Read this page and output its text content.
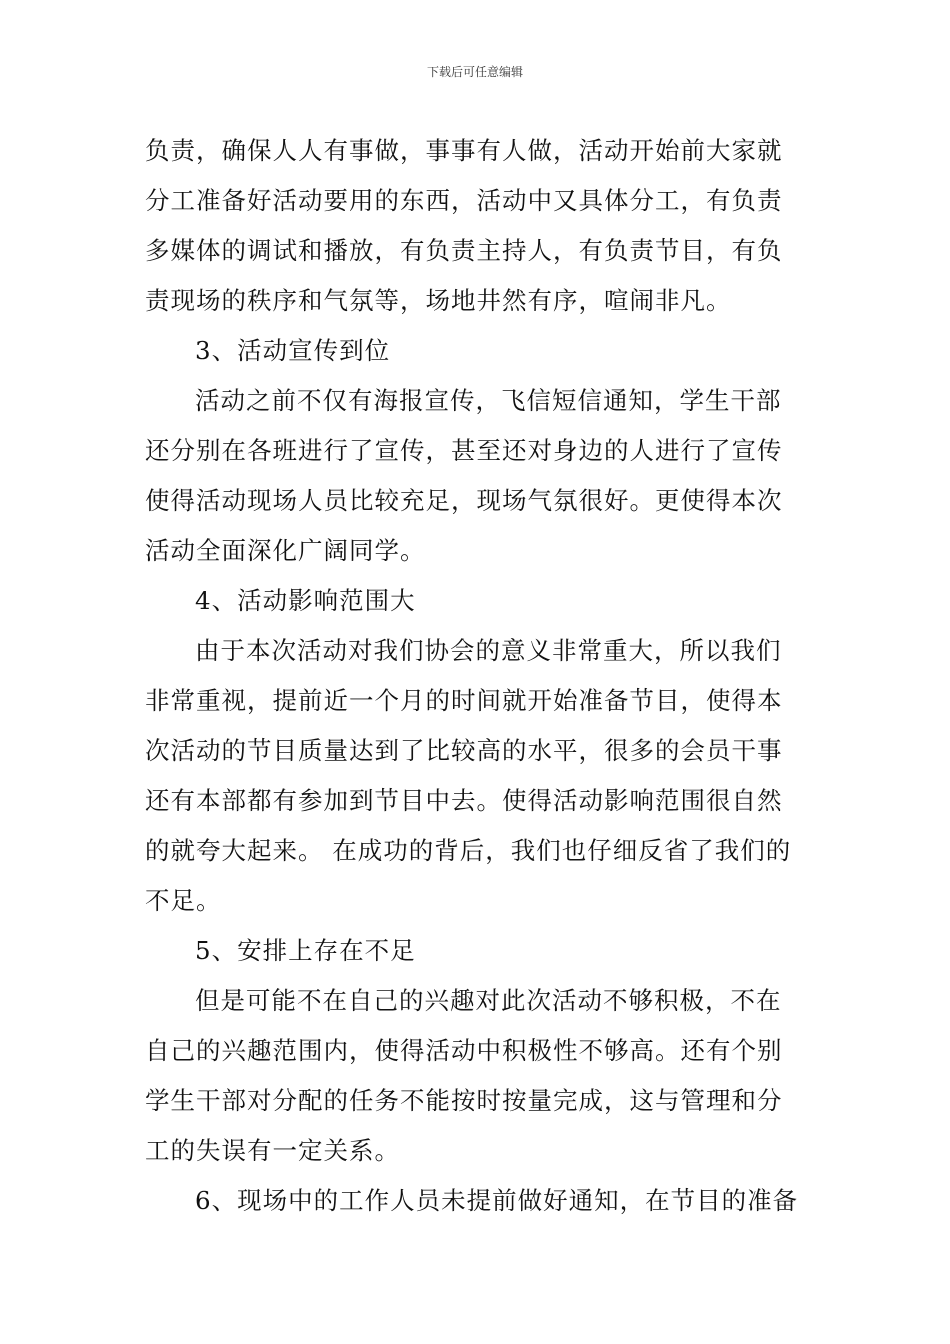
下载后可任意编辑
负责，确保人人有事做，事事有人做，活动开始前大家就
分工准备好活动要用的东西，活动中又具体分工，有负责
多媒体的调试和播放，有负责主持人，有负责节目，有负
责现场的秩序和气氛等，场地井然有序，喧闹非凡。
3、活动宣传到位
活动之前不仅有海报宣传，飞信短信通知，学生干部
还分别在各班进行了宣传，甚至还对身边的人进行了宣传
使得活动现场人员比较充足，现场气氛很好。更使得本次
活动全面深化广阔同学。
4、活动影响范围大
由于本次活动对我们协会的意义非常重大，所以我们
非常重视，提前近一个月的时间就开始准备节目，使得本
次活动的节目质量达到了比较高的水平，很多的会员干事
还有本部都有参加到节目中去。使得活动影响范围很自然
的就夸大起来。 在成功的背后，我们也仔细反省了我们的
不足。
5、安排上存在不足
但是可能不在自己的兴趣对此次活动不够积极，不在
自己的兴趣范围内，使得活动中积极性不够高。还有个别
学生干部对分配的任务不能按时按量完成，这与管理和分
工的失误有一定关系。
6、现场中的工作人员未提前做好通知，在节目的准备
